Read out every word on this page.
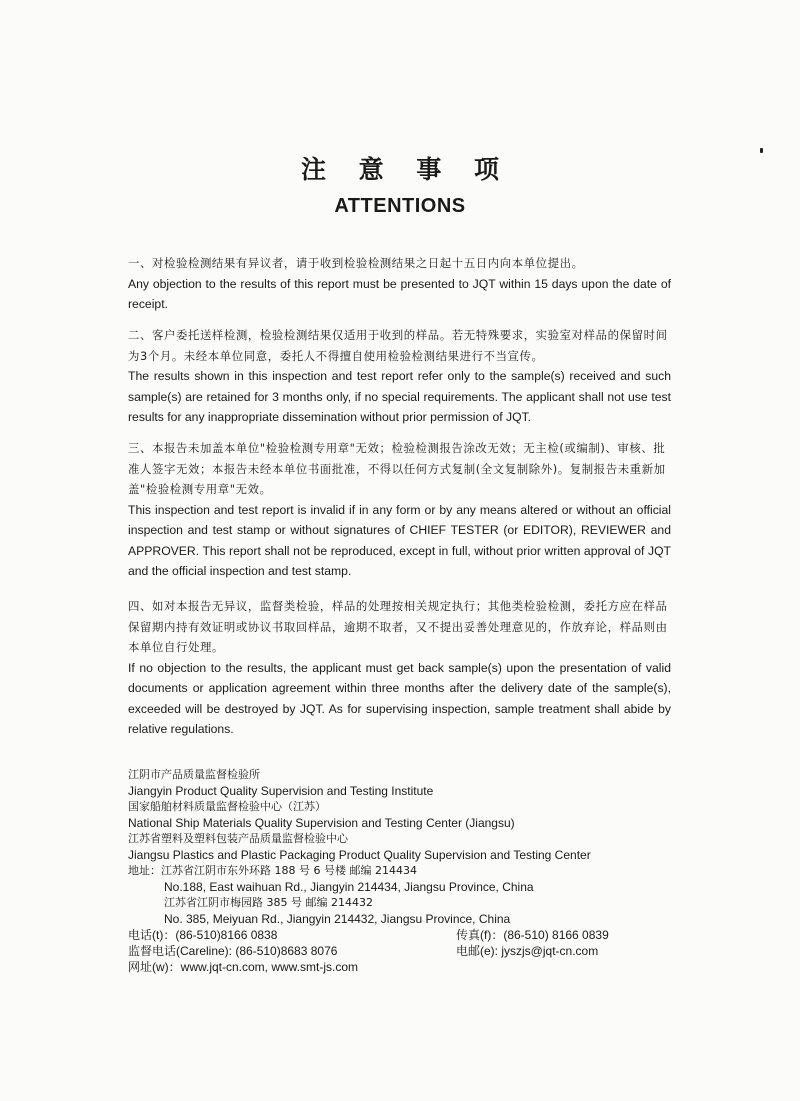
注 意 事 项
ATTENTIONS
一、对检验检测结果有异议者，请于收到检验检测结果之日起十五日内向本单位提出。
Any objection to the results of this report must be presented to JQT within 15 days upon the date of receipt.
二、客户委托送样检测，检验检测结果仅适用于收到的样品。若无特殊要求，实验室对样品的保留时间为3个月。未经本单位同意，委托人不得擅自使用检验检测结果进行不当宣传。
The results shown in this inspection and test report refer only to the sample(s) received and such sample(s) are retained for 3 months only, if no special requirements. The applicant shall not use test results for any inappropriate dissemination without prior permission of JQT.
三、本报告未加盖本单位"检验检测专用章"无效；检验检测报告涂改无效；无主检(或编制)、审核、批准人签字无效；本报告未经本单位书面批准，不得以任何方式复制(全文复制除外)。复制报告未重新加盖"检验检测专用章"无效。
This inspection and test report is invalid if in any form or by any means altered or without an official inspection and test stamp or without signatures of CHIEF TESTER (or EDITOR), REVIEWER and APPROVER. This report shall not be reproduced, except in full, without prior written approval of JQT and the official inspection and test stamp.
四、如对本报告无异议，监督类检验，样品的处理按相关规定执行；其他类检验检测，委托方应在样品保留期内持有效证明或协议书取回样品，逾期不取者，又不提出妥善处理意见的，作放弃论，样品则由本单位自行处理。
If no objection to the results, the applicant must get back sample(s) upon the presentation of valid documents or application agreement within three months after the delivery date of the sample(s), exceeded will be destroyed by JQT. As for supervising inspection, sample treatment shall abide by relative regulations.
江阴市产品质量监督检验所
Jiangyin Product Quality Supervision and Testing Institute
国家船舶材料质量监督检验中心（江苏）
National Ship Materials Quality Supervision and Testing Center (Jiangsu)
江苏省塑料及塑料包装产品质量监督检验中心
Jiangsu Plastics and Plastic Packaging Product Quality Supervision and Testing Center
地址：江苏省江阴市东外环路 188 号 6 号楼 邮编 214434
No.188, East waihuan Rd., Jiangyin 214434, Jiangsu Province, China
江苏省江阴市梅园路 385 号 邮编 214432
No. 385, Meiyuan Rd., Jiangyin 214432, Jiangsu Province, China
电话(t)：(86-510)8166 0838	传真(f)：(86-510) 8166 0839
监督电话(Careline): (86-510)8683 8076	电邮(e): jyszjs@jqt-cn.com
网址(w)：www.jqt-cn.com, www.smt-js.com
